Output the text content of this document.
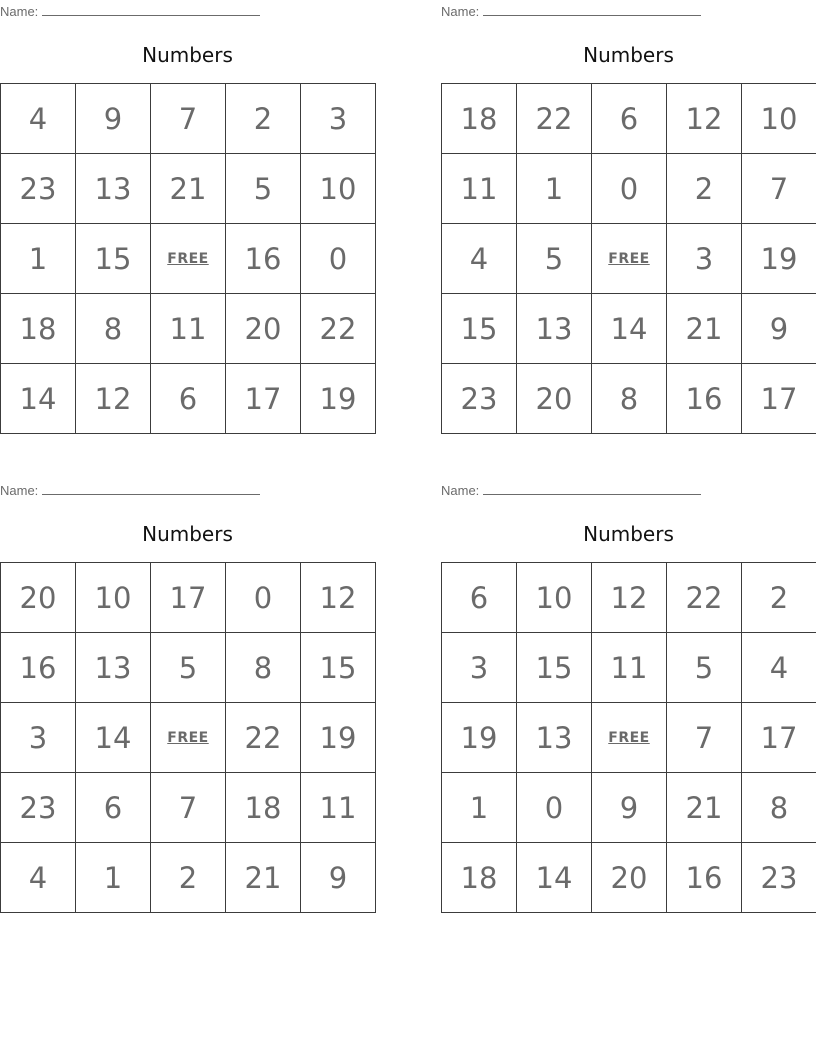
Name:
Numbers
4	9	7	2	3
23	13	21	5	10
1	15	FREE	16	0
18	8	11	20	22
14	12	6	17	19
Name:
Numbers
18	22	6	12	10
11	1	0	2	7
4	5	FREE	3	19
15	13	14	21	9
23	20	8	16	17
Name:
Numbers
20	10	17	0	12
16	13	5	8	15
3	14	FREE	22	19
23	6	7	18	11
4	1	2	21	9
Name:
Numbers
6	10	12	22	2
3	15	11	5	4
19	13	FREE	7	17
1	0	9	21	8
18	14	20	16	23
